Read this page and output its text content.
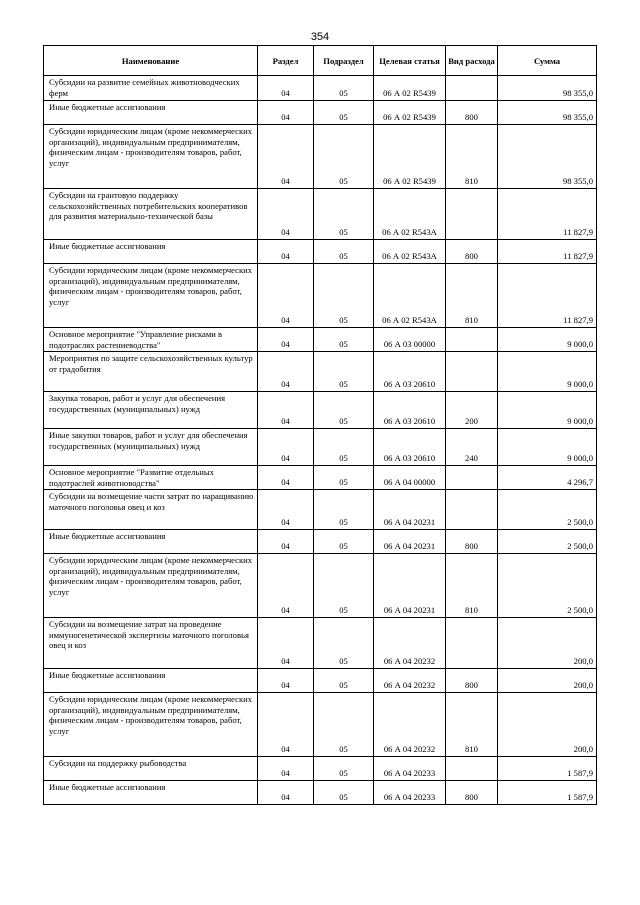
354
Наименование	Раздел	Подраздел	Целевая статья	Вид расхода	Сумма
Субсидии на развитие семейных животноводческих ферм	04	05	06 А 02 R5439		98 355,0
Иные бюджетные ассигнования	04	05	06 А 02 R5439	800	98 355,0
Субсидии юридическим лицам (кроме некоммерческих организаций), индивидуальным предпринимателям, физическим лицам - производителям товаров, работ, услуг	04	05	06 А 02 R5439	810	98 355,0
Субсидии на грантовую поддержку сельскохозяйственных потребительских кооперативов для развития материально-технической базы	04	05	06 А 02 R543А		11 827,9
Иные бюджетные ассигнования	04	05	06 А 02 R543А	800	11 827,9
Субсидии юридическим лицам (кроме некоммерческих организаций), индивидуальным предпринимателям, физическим лицам - производителям товаров, работ, услуг	04	05	06 А 02 R543А	810	11 827,9
Основное мероприятие "Управление рисками в подотраслях растениеводства"	04	05	06 А 03 00000		9 000,0
Мероприятия по защите сельскохозяйственных культур от градобития	04	05	06 А 03 20610		9 000,0
Закупка товаров, работ и услуг для обеспечения государственных (муниципальных) нужд	04	05	06 А 03 20610	200	9 000,0
Иные закупки товаров, работ и услуг для обеспечения государственных (муниципальных) нужд	04	05	06 А 03 20610	240	9 000,0
Основное мероприятие "Развитие отдельных подотраслей животноводства"	04	05	06 А 04 00000		4 296,7
Субсидии на возмещение части затрат по наращиванию маточного поголовья овец и коз	04	05	06 А 04 20231		2 500,0
Иные бюджетные ассигнования	04	05	06 А 04 20231	800	2 500,0
Субсидии юридическим лицам (кроме некоммерческих организаций), индивидуальным предпринимателям, физическим лицам - производителям товаров, работ, услуг	04	05	06 А 04 20231	810	2 500,0
Субсидии на возмещение затрат на проведение иммуногенетической экспертизы маточного поголовья овец и коз	04	05	06 А 04 20232		200,0
Иные бюджетные ассигнования	04	05	06 А 04 20232	800	200,0
Субсидии юридическим лицам (кроме некоммерческих организаций), индивидуальным предпринимателям, физическим лицам - производителям товаров, работ, услуг	04	05	06 А 04 20232	810	200,0
Субсидии на поддержку рыбоводства	04	05	06 А 04 20233		1 587,9
Иные бюджетные ассигнования	04	05	06 А 04 20233	800	1 587,9
